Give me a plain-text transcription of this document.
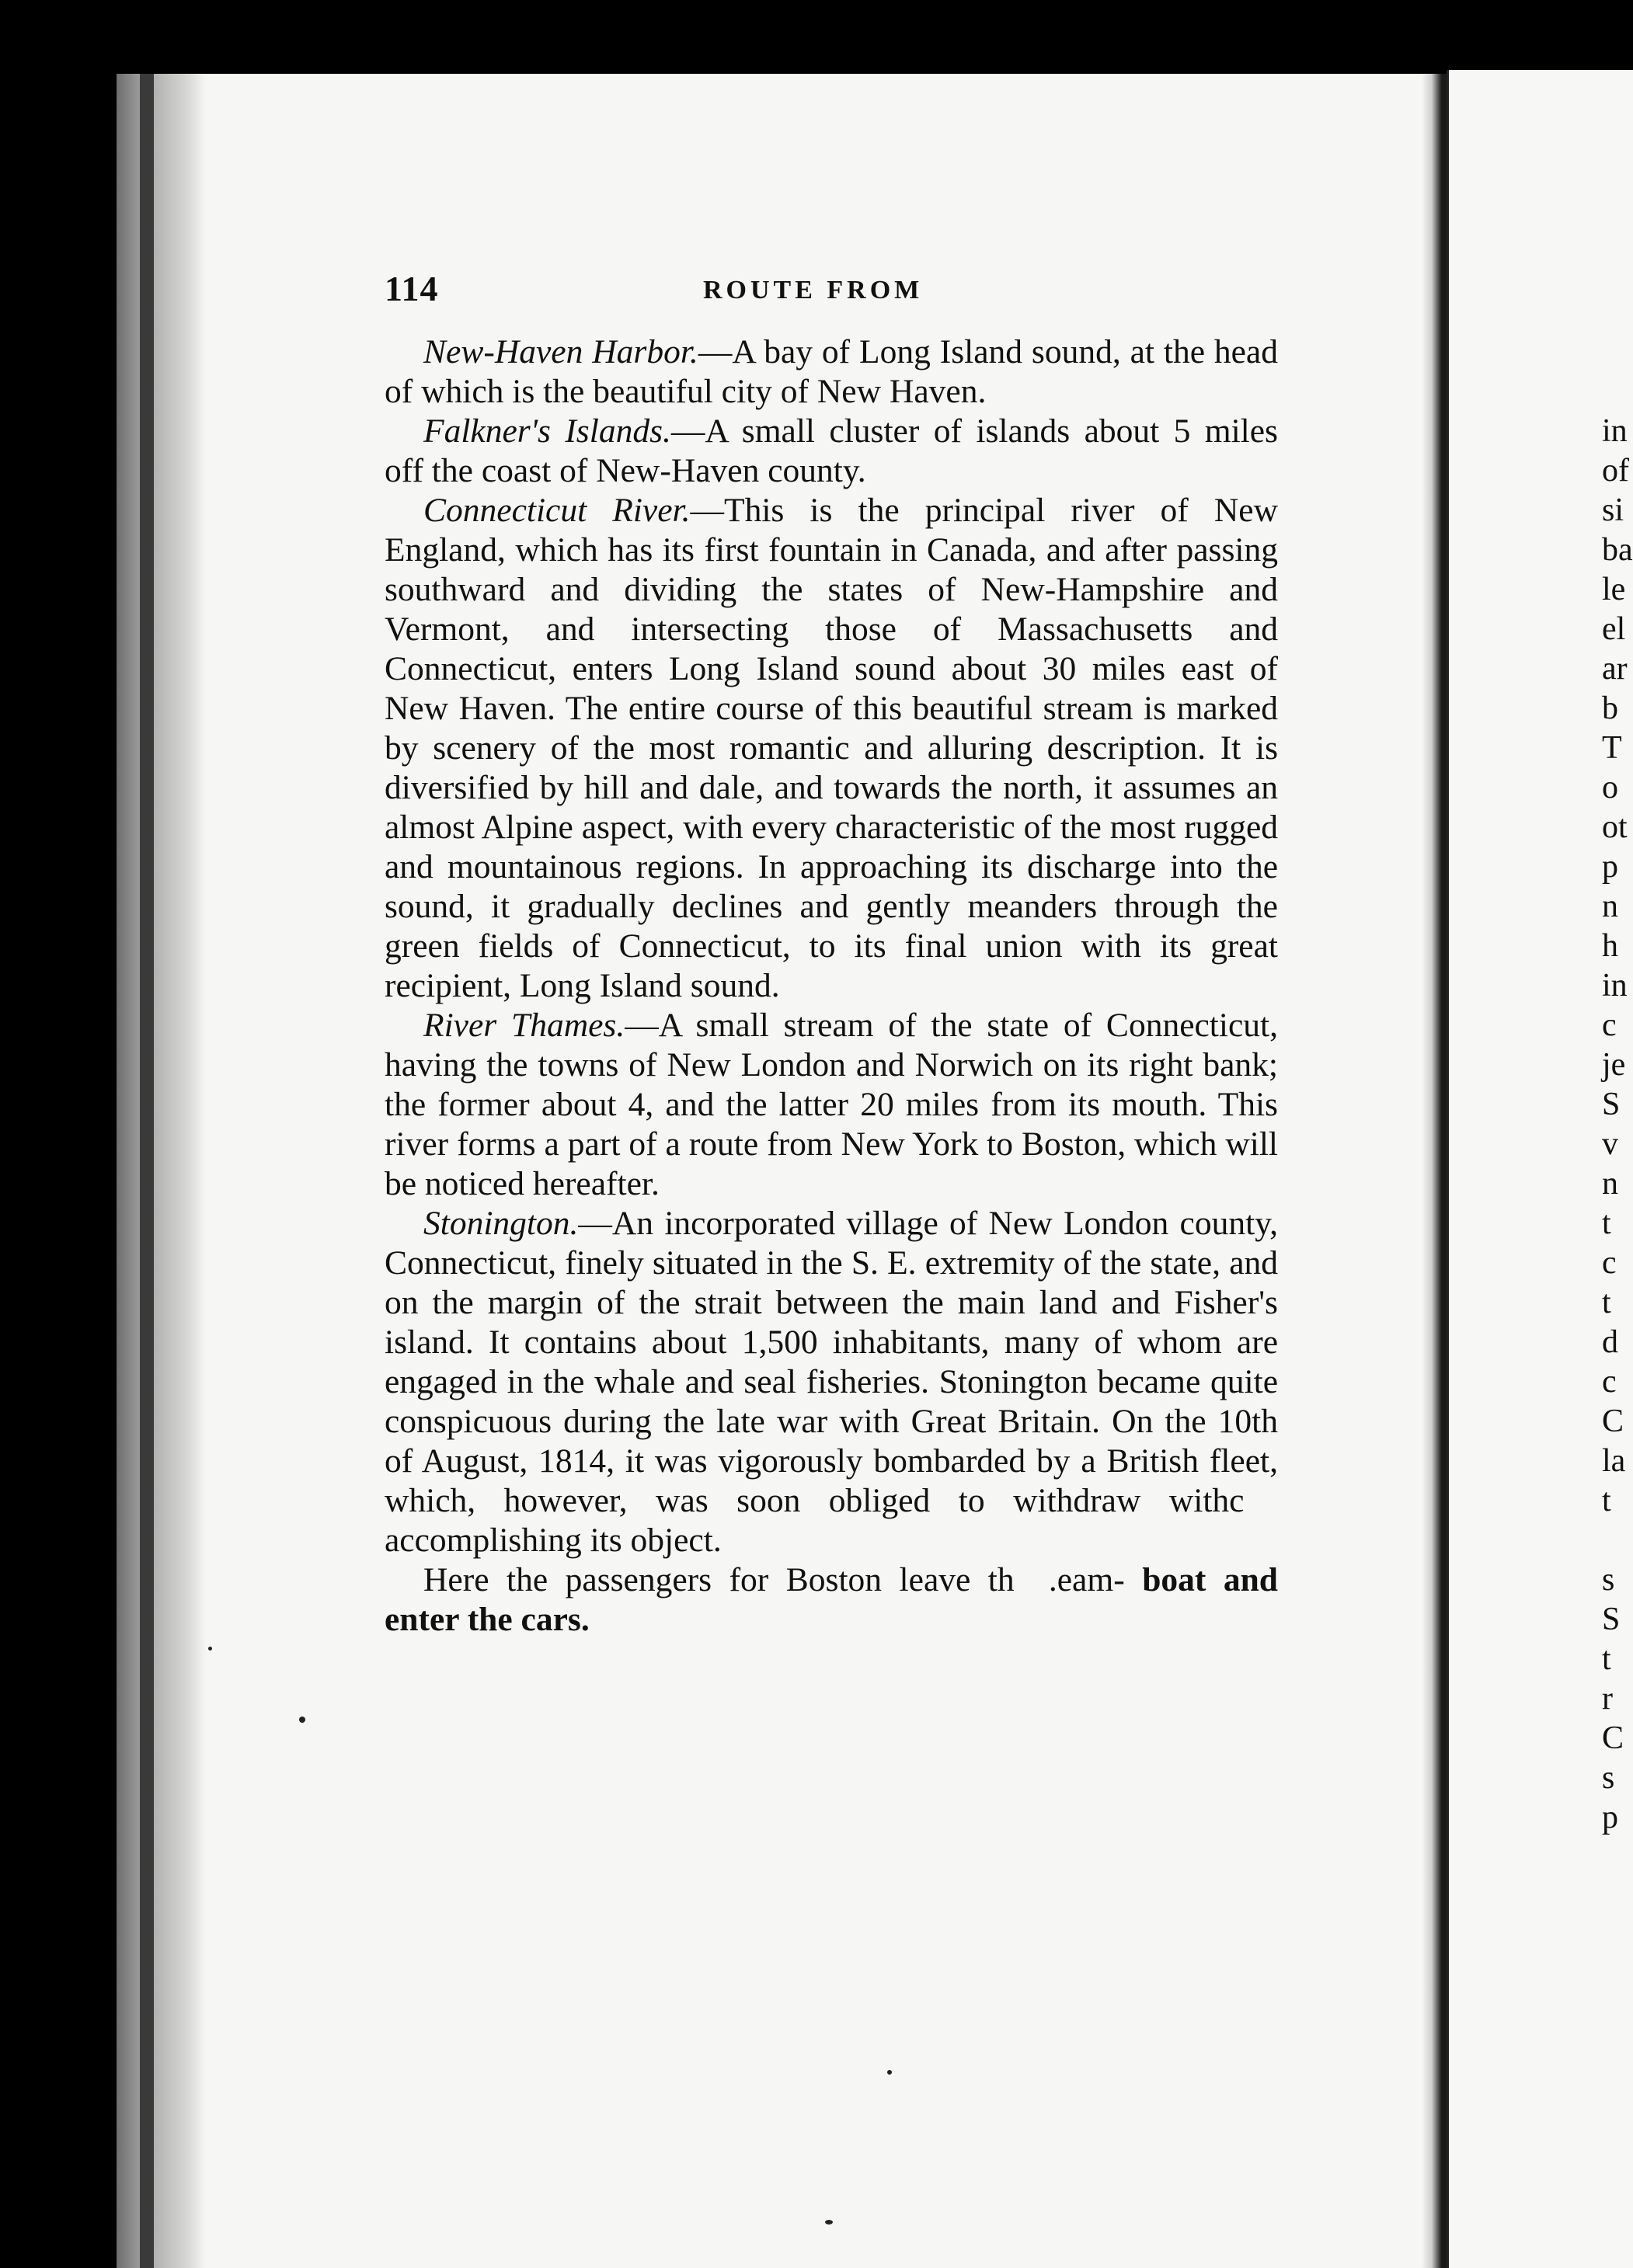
in
of
si
ba
le
el
ar
b
T
o
ot
p
n
h
in
c
je
S
v
n
t
c
t
d
c
C
la
t
s
S
t
r
C
s
p
114	ROUTE FROM

New-Haven Harbor.—A bay of Long Island sound, at the head of which is the beautiful city of New Haven.

Falkner's Islands.—A small cluster of islands about 5 miles off the coast of New-Haven county.

Connecticut River.—This is the principal river of New England, which has its first fountain in Canada, and after passing southward and dividing the states of New-Hampshire and Vermont, and intersecting those of Massachusetts and Connecticut, enters Long Island sound about 30 miles east of New Haven. The entire course of this beautiful stream is marked by scenery of the most romantic and alluring description. It is diversified by hill and dale, and towards the north, it assumes an almost Alpine aspect, with every characteristic of the most rugged and mountainous regions. In approaching its discharge into the sound, it gradually declines and gently meanders through the green fields of Connecticut, to its final union with its great recipient, Long Island sound.

River Thames.—A small stream of the state of Connecticut, having the towns of New London and Norwich on its right bank; the former about 4, and the latter 20 miles from its mouth. This river forms a part of a route from New York to Boston, which will be noticed hereafter.

Stonington.—An incorporated village of New London county, Connecticut, finely situated in the S. E. extremity of the state, and on the margin of the strait between the main land and Fisher's island. It contains about 1,500 inhabitants, many of whom are engaged in the whale and seal fisheries. Stonington became quite conspicuous during the late war with Great Britain. On the 10th of August, 1814, it was vigorously bombarded by a British fleet, which, however, was soon obliged to withdraw withc   accomplishing its object.

Here the passengers for Boston leave th  .eam- boat and enter the cars.
